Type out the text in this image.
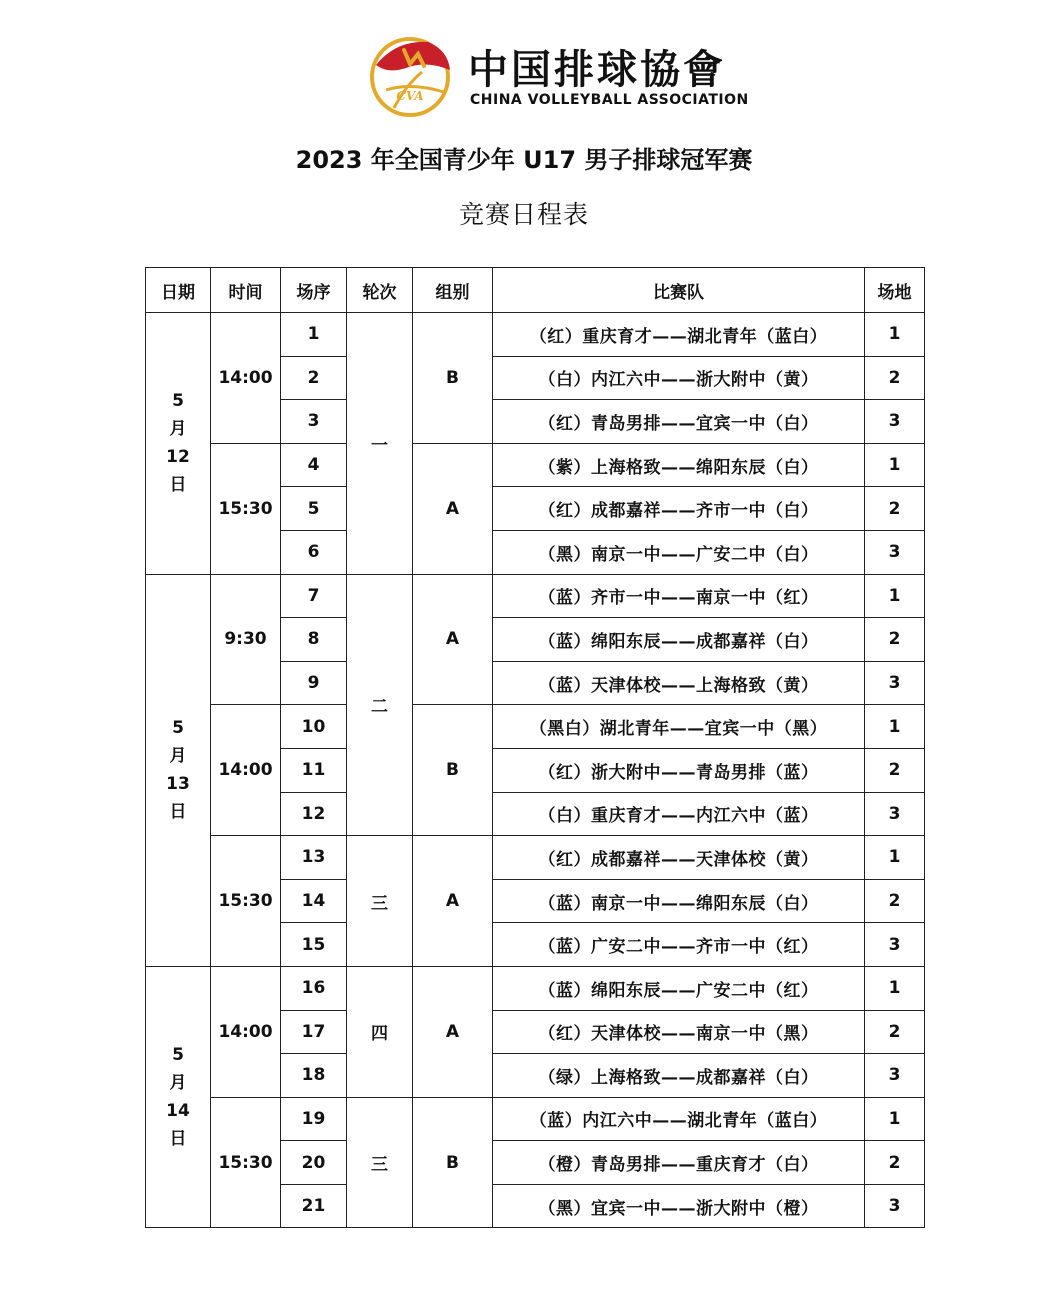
CVA
中国排球協會
CHINA VOLLEYBALL ASSOCIATION
2023 年全国青少年 U17 男子排球冠军赛
竞赛日程表
日期	时间	场序	轮次	组别	比赛队	场地

5
月
12
日	14:00	1	一	B	（红）重庆育才——湖北青年（蓝白）	1
		2			（白）内江六中——浙大附中（黄）	2
		3			（红）青岛男排——宜宾一中（白）	3
	15:30	4		A	（紫）上海格致——绵阳东辰（白）	1
		5			（红）成都嘉祥——齐市一中（白）	2
		6			（黑）南京一中——广安二中（白）	3

5
月
13
日	9:30	7	二	A	（蓝）齐市一中——南京一中（红）	1
		8			（蓝）绵阳东辰——成都嘉祥（白）	2
		9			（蓝）天津体校——上海格致（黄）	3
	14:00	10		B	（黑白）湖北青年——宜宾一中（黑）	1
		11			（红）浙大附中——青岛男排（蓝）	2
		12			（白）重庆育才——内江六中（蓝）	3
	15:30	13	三	A	（红）成都嘉祥——天津体校（黄）	1
		14			（蓝）南京一中——绵阳东辰（白）	2
		15			（蓝）广安二中——齐市一中（红）	3

5
月
14
日	14:00	16	四	A	（蓝）绵阳东辰——广安二中（红）	1
		17			（红）天津体校——南京一中（黑）	2
		18			（绿）上海格致——成都嘉祥（白）	3
	15:30	19	三	B	（蓝）内江六中——湖北青年（蓝白）	1
		20			（橙）青岛男排——重庆育才（白）	2
		21			（黑）宜宾一中——浙大附中（橙）	3
